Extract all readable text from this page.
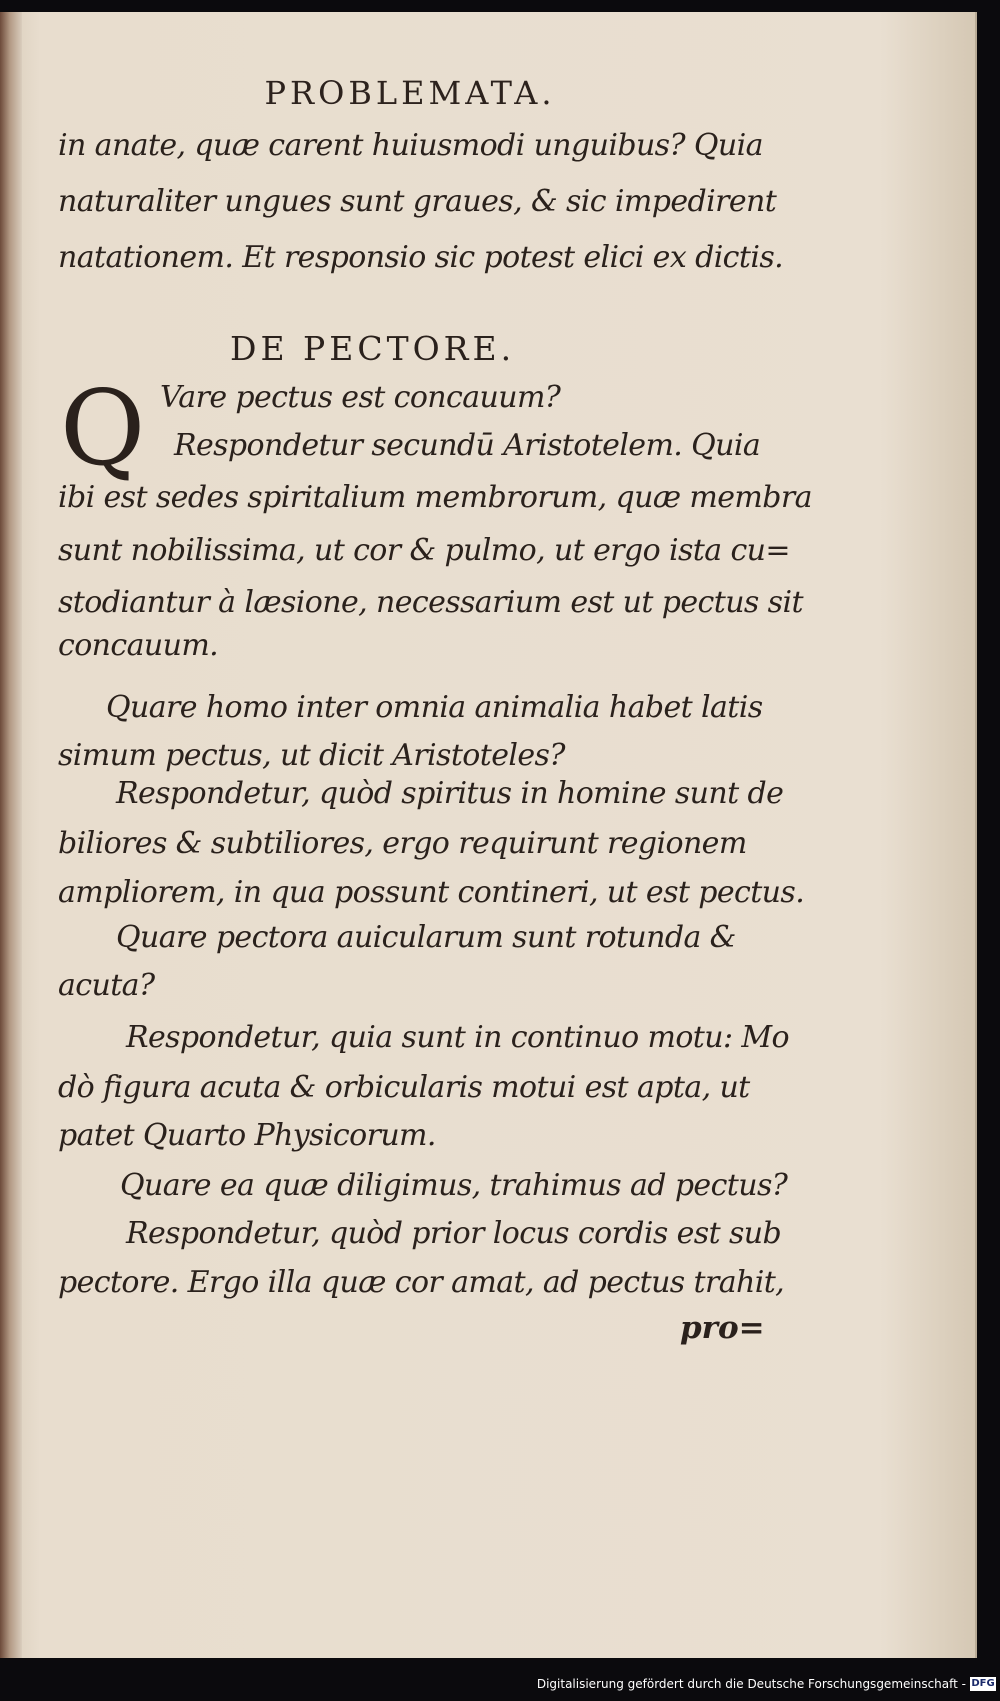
PROBLEMATA.
in anate, quæ carent huiusmodi unguibus? Quia
naturaliter ungues sunt graues, & sic impedirent
natationem. Et responsio sic potest elici ex dictis.
Vare pectus est concauum?
Respondetur secundū Aristotelem. Quia
ibi est sedes spiritalium membrorum, quæ membra
sunt nobilissima, ut cor & pulmo, ut ergo ista cu=
stodiantur à læsione, necessarium est ut pectus sit
concauum.
Quare homo inter omnia animalia habet latis
simum pectus, ut dicit Aristoteles?
Respondetur, quòd spiritus in homine sunt de
biliores & subtiliores, ergo requirunt regionem
ampliorem, in qua possunt contineri, ut est pectus.
Quare pectora auicularum sunt rotunda &
acuta?
Respondetur, quia sunt in continuo motu: Mo
dò figura acuta & orbicularis motui est apta, ut
patet Quarto Physicorum.
Quare ea quæ diligimus, trahimus ad pectus?
Respondetur, quòd prior locus cordis est sub
pectore. Ergo illa quæ cor amat, ad pectus trahit,
DE PECTORE.
Q
pro=
Digitalisierung gefördert durch die Deutsche Forschungsgemeinschaft - DFG
